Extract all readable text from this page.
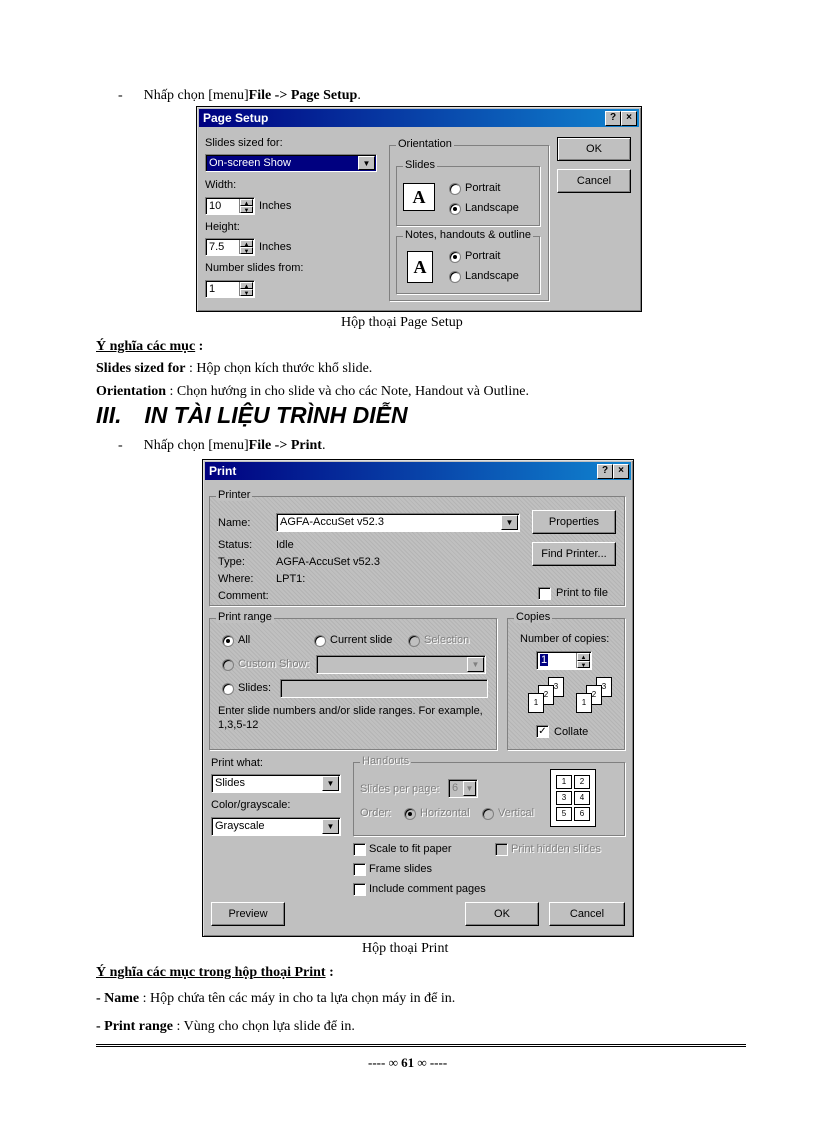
- Nhấp chọn [menu]File -> Page Setup.
Page Setup	?	×
Slides sized for:
On-screen Show	▼
Width:
10	▲
▼ Inches
Height:
7.5	▲
▼ Inches
Number slides from:
1	▲
▼
Orientation
Slides
A	Portrait
Landscape
Notes, handouts & outline
A
Portrait
Landscape
OK
Cancel
Hộp thoại Page Setup
Ý nghĩa các mục :
Slides sized for : Hộp chọn kích thước khổ slide.
Orientation : Chọn hướng in cho slide và cho các Note, Handout và Outline.
III. IN TÀI LIỆU TRÌNH DIỄN
- Nhấp chọn [menu]File -> Print.
Print	?	×
Printer
Name:	AGFA-AccuSet v52.3	▼	Properties
Status: Idle
Type:	AGFA-AccuSet v52.3
Where: LPT1:
Comment:
Find Printer...
Print to file
Print range
All	Current slide	Selection
Custom Show:	▼
Slides:
Enter slide numbers and/or slide ranges. For example,
1,3,5-12
Copies
Number of copies:
1	▲
▼
3
2
1
3
2
1
✓ Collate
Print what:
Slides	▼
Color/grayscale:
Grayscale	▼
Handouts
Slides per page:	6 ▼
Order:	Horizontal	Vertical
1	2
3	4
5	6
Scale to fit paper	Print hidden slides
Frame slides
Include comment pages
Preview	OK	Cancel
Hộp thoại Print
Ý nghĩa các mục trong hộp thoại Print :
- Name : Hộp chứa tên các máy in cho ta lựa chọn máy in để in.
- Print range : Vùng cho chọn lựa slide để in.
---- ∞ 61 ∞ ----
